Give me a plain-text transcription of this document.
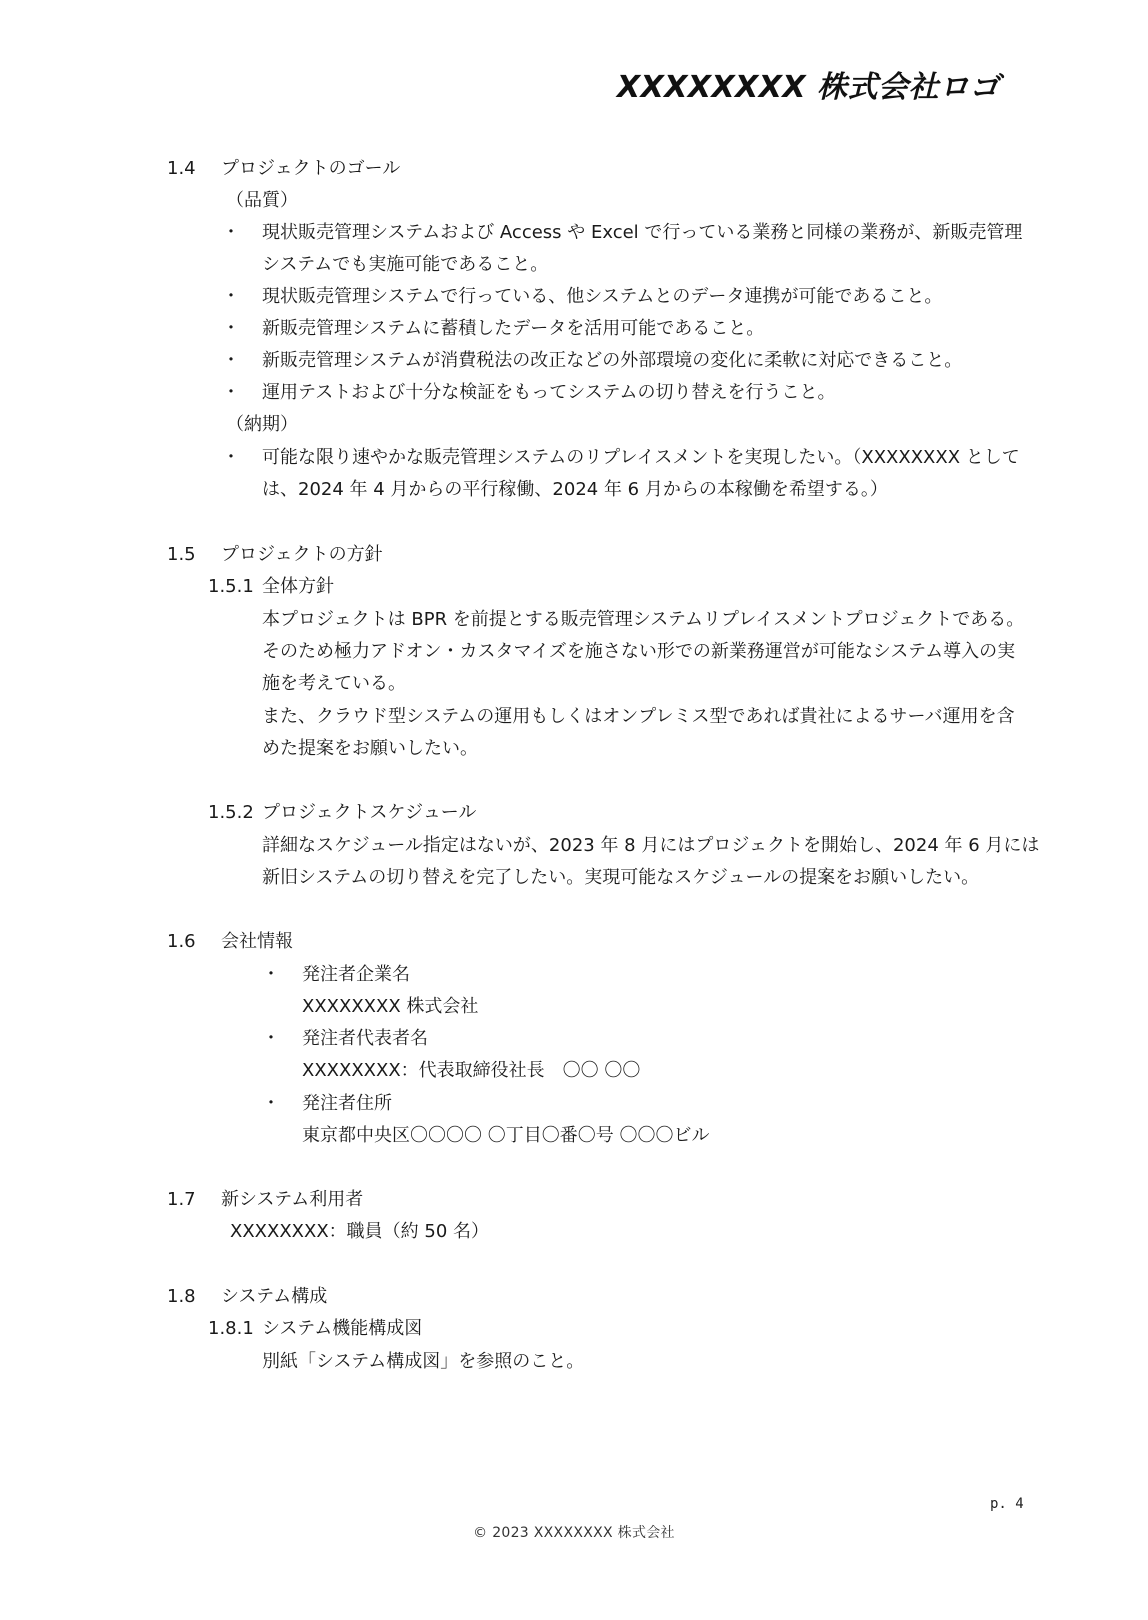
XXXXXXXX 株式会社ロゴ
1.4 プロジェクトのゴール
（品質）
・ 現状販売管理システムおよび Access や Excel で行っている業務と同様の業務が、新販売管理
システムでも実施可能であること。
・ 現状販売管理システムで行っている、他システムとのデータ連携が可能であること。
・ 新販売管理システムに蓄積したデータを活用可能であること。
・ 新販売管理システムが消費税法の改正などの外部環境の変化に柔軟に対応できること。
・ 運用テストおよび十分な検証をもってシステムの切り替えを行うこと。
（納期）
・ 可能な限り速やかな販売管理システムのリプレイスメントを実現したい。（XXXXXXXX として
は、2024 年 4 月からの平行稼働、2024 年 6 月からの本稼働を希望する。）
1.5 プロジェクトの方針
1.5.1 全体方針
本プロジェクトは BPR を前提とする販売管理システムリプレイスメントプロジェクトである。
そのため極力アドオン・カスタマイズを施さない形での新業務運営が可能なシステム導入の実
施を考えている。
また、クラウド型システムの運用もしくはオンプレミス型であれば貴社によるサーバ運用を含
めた提案をお願いしたい。
1.5.2 プロジェクトスケジュール
詳細なスケジュール指定はないが、2023 年 8 月にはプロジェクトを開始し、2024 年 6 月には
新旧システムの切り替えを完了したい。実現可能なスケジュールの提案をお願いしたい。
1.6 会社情報
・ 発注者企業名
XXXXXXXX 株式会社
・ 発注者代表者名
XXXXXXXX：代表取締役社長　〇〇 〇〇
・ 発注者住所
東京都中央区〇〇〇〇 〇丁目〇番〇号 〇〇〇ビル
1.7 新システム利用者
XXXXXXXX：職員（約 50 名）
1.8 システム構成
1.8.1 システム機能構成図
別紙「システム構成図」を参照のこと。
p. 4
© 2023 XXXXXXXX 株式会社
